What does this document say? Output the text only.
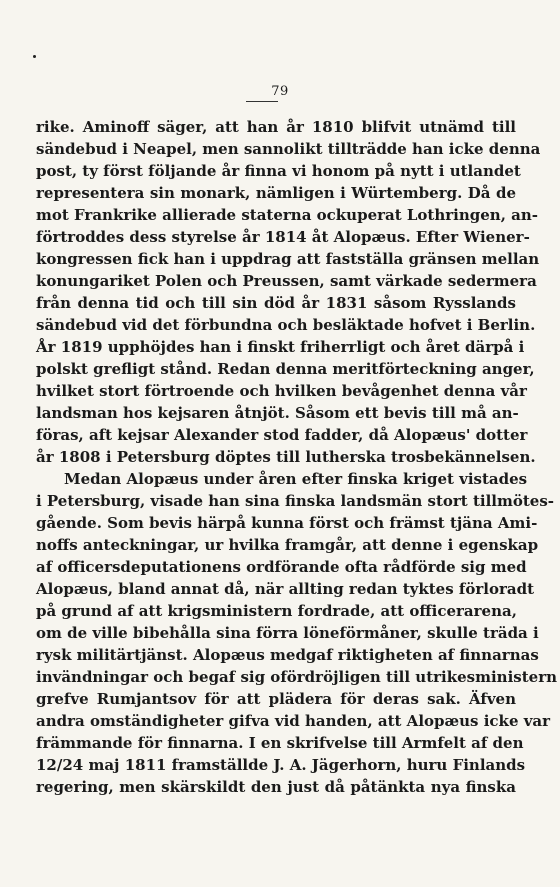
79
rike. Aminoff säger, att han år 1810 blifvit utnämd till
sändebud i Neapel, men sannolikt tillträdde han icke denna
post, ty först följande år finna vi honom på nytt i utlandet
representera sin monark, nämligen i Würtemberg. Då de
mot Frankrike allierade staterna ockuperat Lothringen, an-
förtroddes dess styrelse år 1814 åt Alopæus. Efter Wiener-
kongressen fick han i uppdrag att fastställa gränsen mellan
konungariket Polen och Preussen, samt värkade sedermera
från denna tid och till sin död år 1831 såsom Rysslands
sändebud vid det förbundna och besläktade hofvet i Berlin.
År 1819 upphöjdes han i finskt friherrligt och året därpå i
polskt grefligt stånd. Redan denna meritförteckning anger,
hvilket stort förtroende och hvilken bevågenhet denna vår
landsman hos kejsaren åtnjöt. Såsom ett bevis till må an-
föras, aft kejsar Alexander stod fadder, då Alopæus' dotter
år 1808 i Petersburg döptes till lutherska trosbekännelsen.
Medan Alopæus under åren efter finska kriget vistades
i Petersburg, visade han sina finska landsmän stort tillmötes-
gående. Som bevis härpå kunna först och främst tjäna Ami-
noffs anteckningar, ur hvilka framgår, att denne i egenskap
af officersdeputationens ordförande ofta rådförde sig med
Alopæus, bland annat då, när allting redan tyktes förloradt
på grund af att krigsministern fordrade, att officerarena,
om de ville bibehålla sina förra löneförmåner, skulle träda i
rysk militärtjänst. Alopæus medgaf riktigheten af finnarnas
invändningar och begaf sig ofördröjligen till utrikesministern
grefve Rumjantsov för att plädera för deras sak. Äfven
andra omständigheter gifva vid handen, att Alopæus icke var
främmande för finnarna. I en skrifvelse till Armfelt af den
12/24 maj 1811 framställde J. A. Jägerhorn, huru Finlands
regering, men skärskildt den just då påtänkta nya finska
